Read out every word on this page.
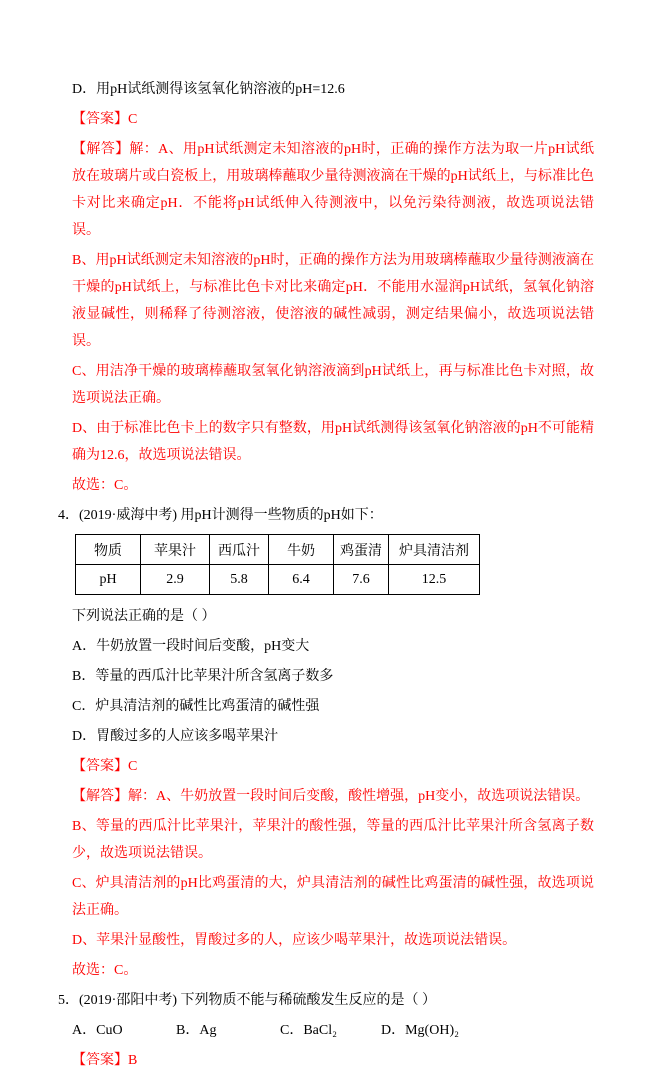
D．用pH试纸测得该氢氧化钠溶液的pH=12.6

【答案】C

【解答】解：A、用pH试纸测定未知溶液的pH时，正确的操作方法为取一片pH试纸放在玻璃片或白瓷板上，用玻璃棒蘸取少量待测液滴在干燥的pH试纸上，与标准比色卡对比来确定pH．不能将pH试纸伸入待测液中，以免污染待测液，故选项说法错误。

B、用pH试纸测定未知溶液的pH时，正确的操作方法为用玻璃棒蘸取少量待测液滴在干燥的pH试纸上，与标准比色卡对比来确定pH．不能用水湿润pH试纸，氢氧化钠溶液显碱性，则稀释了待测溶液，使溶液的碱性减弱，测定结果偏小，故选项说法错误。

C、用洁净干燥的玻璃棒蘸取氢氧化钠溶液滴到pH试纸上，再与标准比色卡对照，故选项说法正确。

D、由于标准比色卡上的数字只有整数，用pH试纸测得该氢氧化钠溶液的pH不可能精确为12.6，故选项说法错误。

故选：C。

4．(2019·威海中考) 用pH计测得一些物质的pH如下：

物质	苹果汁	西瓜汁	牛奶	鸡蛋清	炉具清洁剂
pH	2.9	5.8	6.4	7.6	12.5

下列说法正确的是（ ）

A．牛奶放置一段时间后变酸，pH变大

B．等量的西瓜汁比苹果汁所含氢离子数多

C．炉具清洁剂的碱性比鸡蛋清的碱性强

D．胃酸过多的人应该多喝苹果汁

【答案】C

【解答】解：A、牛奶放置一段时间后变酸，酸性增强，pH变小，故选项说法错误。

B、等量的西瓜汁比苹果汁，苹果汁的酸性强，等量的西瓜汁比苹果汁所含氢离子数少，故选项说法错误。

C、炉具清洁剂的pH比鸡蛋清的大，炉具清洁剂的碱性比鸡蛋清的碱性强，故选项说法正确。

D、苹果汁显酸性，胃酸过多的人，应该少喝苹果汁，故选项说法错误。

故选：C。

5．(2019·邵阳中考) 下列物质不能与稀硫酸发生反应的是（ ）

A．CuO	B．Ag	C．BaCl₂	D．Mg(OH)₂

【答案】B
